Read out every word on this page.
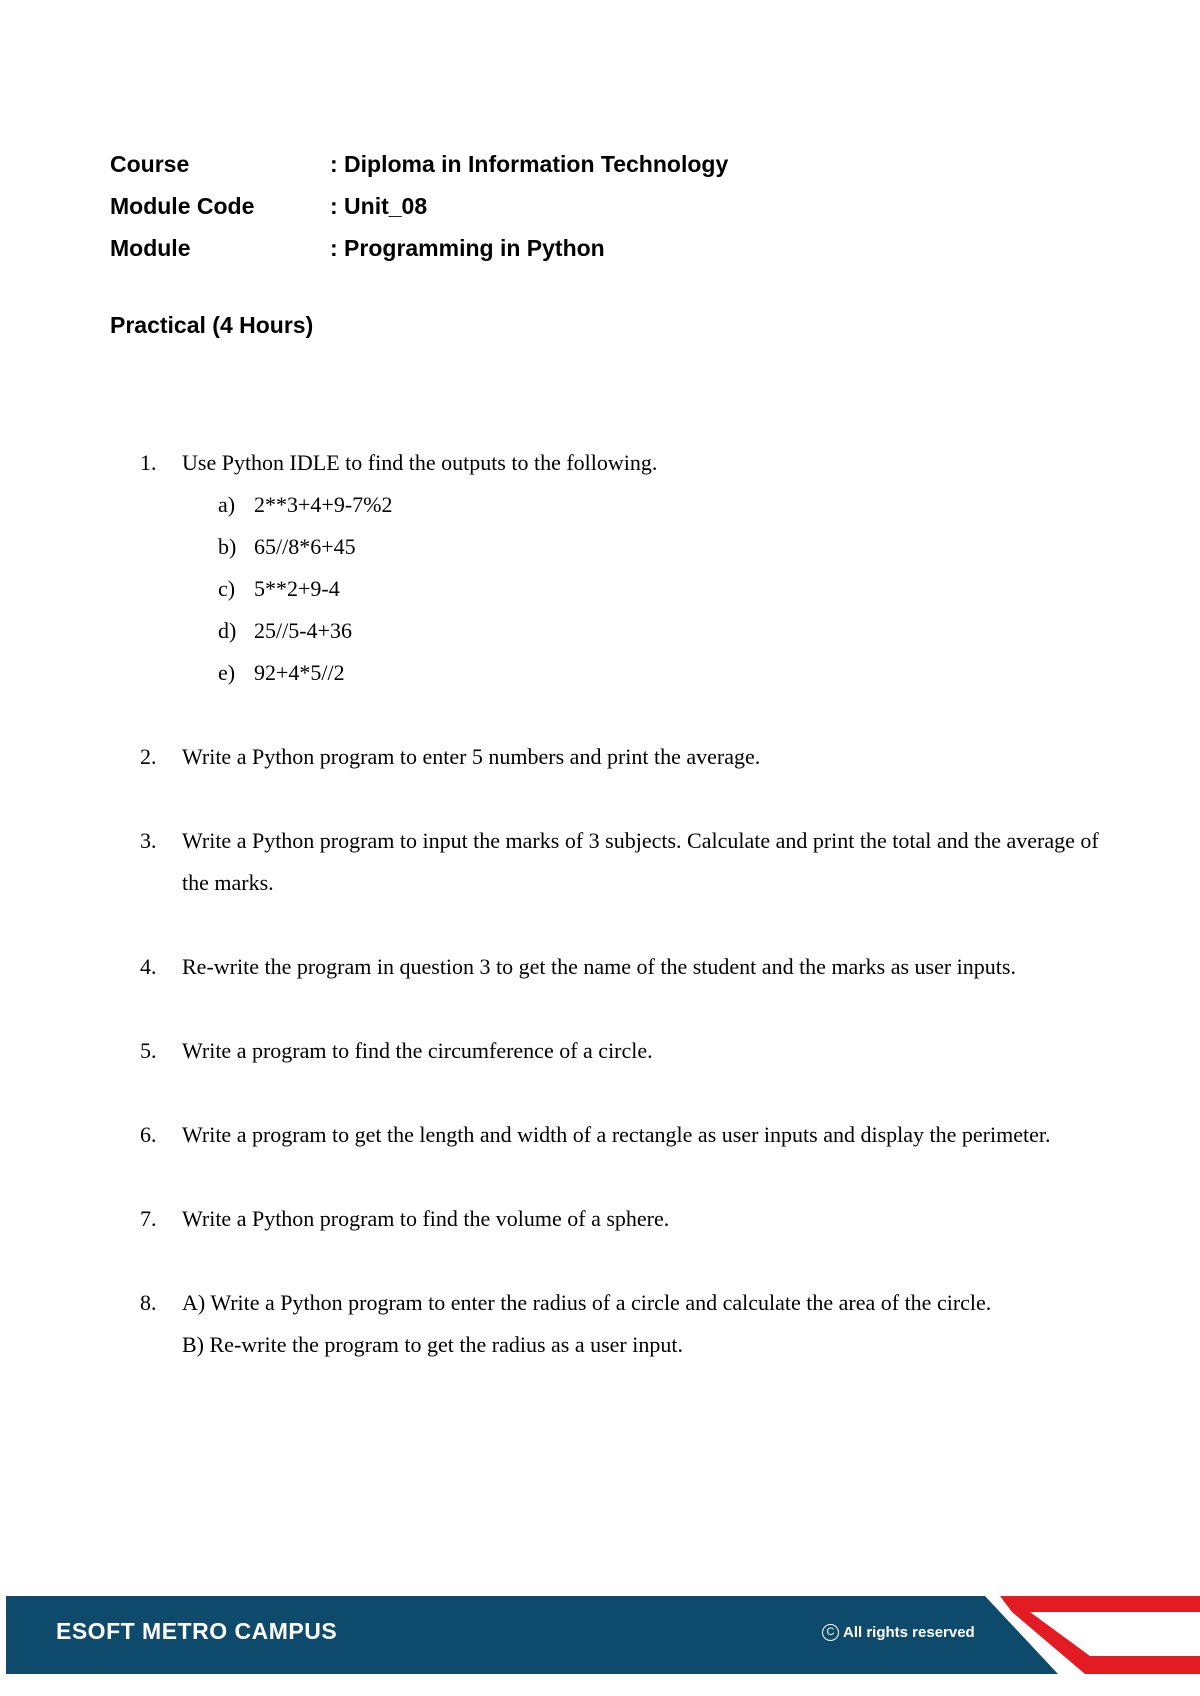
Course	: Diploma in Information Technology
Module Code	: Unit_08
Module	: Programming in Python
Practical (4 Hours)
1.	Use Python IDLE to find the outputs to the following.
a) 2**3+4+9-7%2
b) 65//8*6+45
c) 5**2+9-4
d) 25//5-4+36
e) 92+4*5//2
2.	Write a Python program to enter 5 numbers and print the average.
3.	Write a Python program to input the marks of 3 subjects. Calculate and print the total and the average of the marks.
4.	Re-write the program in question 3 to get the name of the student and the marks as user inputs.
5.	Write a program to find the circumference of a circle.
6.	Write a program to get the length and width of a rectangle as user inputs and display the perimeter.
7.	Write a Python program to find the volume of a sphere.
8.	A) Write a Python program to enter the radius of a circle and calculate the area of the circle.
B) Re-write the program to get the radius as a user input.
ESOFT METRO CAMPUS	C All rights reserved
